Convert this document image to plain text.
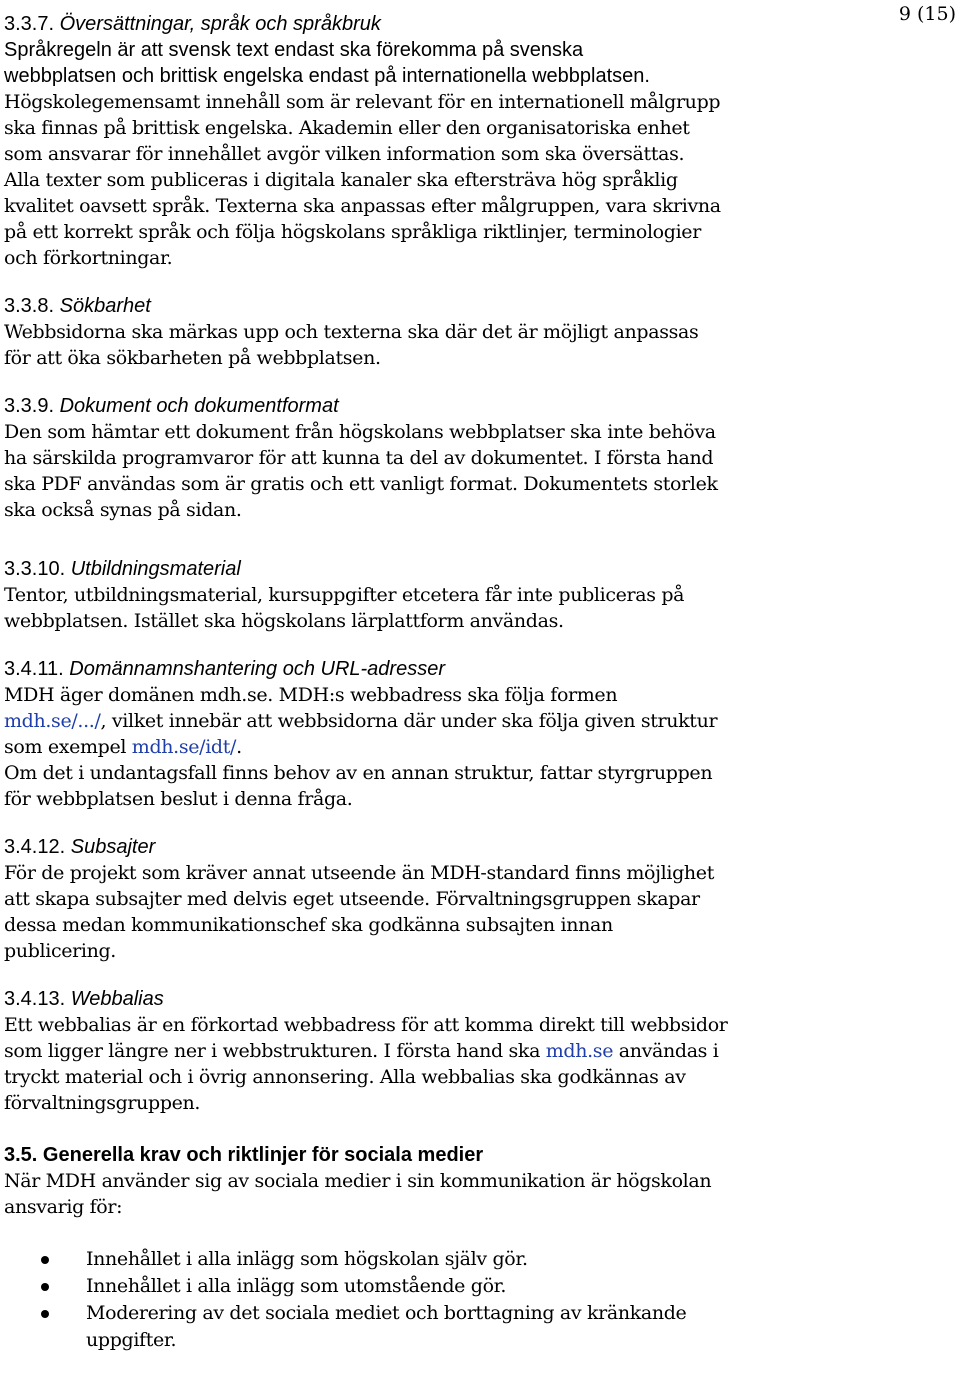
9 (15)

3.3.7. Översättningar, språk och språkbruk

Språkregeln är att svensk text endast ska förekomma på svenska
webbplatsen och brittisk engelska endast på internationella webbplatsen.

Högskolegemensamt innehåll som är relevant för en internationell målgrupp
ska finnas på brittisk engelska. Akademin eller den organisatoriska enhet
som ansvarar för innehållet avgör vilken information som ska översättas.
Alla texter som publiceras i digitala kanaler ska eftersträva hög språklig
kvalitet oavsett språk. Texterna ska anpassas efter målgruppen, vara skrivna
på ett korrekt språk och följa högskolans språkliga riktlinjer, terminologier
och förkortningar.

3.3.8. Sökbarhet

Webbsidorna ska märkas upp och texterna ska där det är möjligt anpassas
för att öka sökbarheten på webbplatsen.

3.3.9. Dokument och dokumentformat

Den som hämtar ett dokument från högskolans webbplatser ska inte behöva
ha särskilda programvaror för att kunna ta del av dokumentet. I första hand
ska PDF användas som är gratis och ett vanligt format. Dokumentets storlek
ska också synas på sidan.

3.3.10. Utbildningsmaterial

Tentor, utbildningsmaterial, kursuppgifter etcetera får inte publiceras på
webbplatsen. Istället ska högskolans lärplattform användas.

3.4.11. Domännamnshantering och URL-adresser

MDH äger domänen mdh.se. MDH:s webbadress ska följa formen
mdh.se/.../, vilket innebär att webbsidorna där under ska följa given struktur
som exempel mdh.se/idt/.
Om det i undantagsfall finns behov av en annan struktur, fattar styrgruppen
för webbplatsen beslut i denna fråga.

3.4.12. Subsajter

För de projekt som kräver annat utseende än MDH-standard finns möjlighet
att skapa subsajter med delvis eget utseende. Förvaltningsgruppen skapar
dessa medan kommunikationschef ska godkänna subsajten innan
publicering.

3.4.13. Webbalias

Ett webbalias är en förkortad webbadress för att komma direkt till webbsidor
som ligger längre ner i webbstrukturen. I första hand ska mdh.se användas i
tryckt material och i övrig annonsering. Alla webbalias ska godkännas av
förvaltningsgruppen.

3.5. Generella krav och riktlinjer för sociala medier

När MDH använder sig av sociala medier i sin kommunikation är högskolan
ansvarig för:

Innehållet i alla inlägg som högskolan själv gör.
Innehållet i alla inlägg som utomstående gör.
Moderering av det sociala mediet och borttagning av kränkande
uppgifter.
